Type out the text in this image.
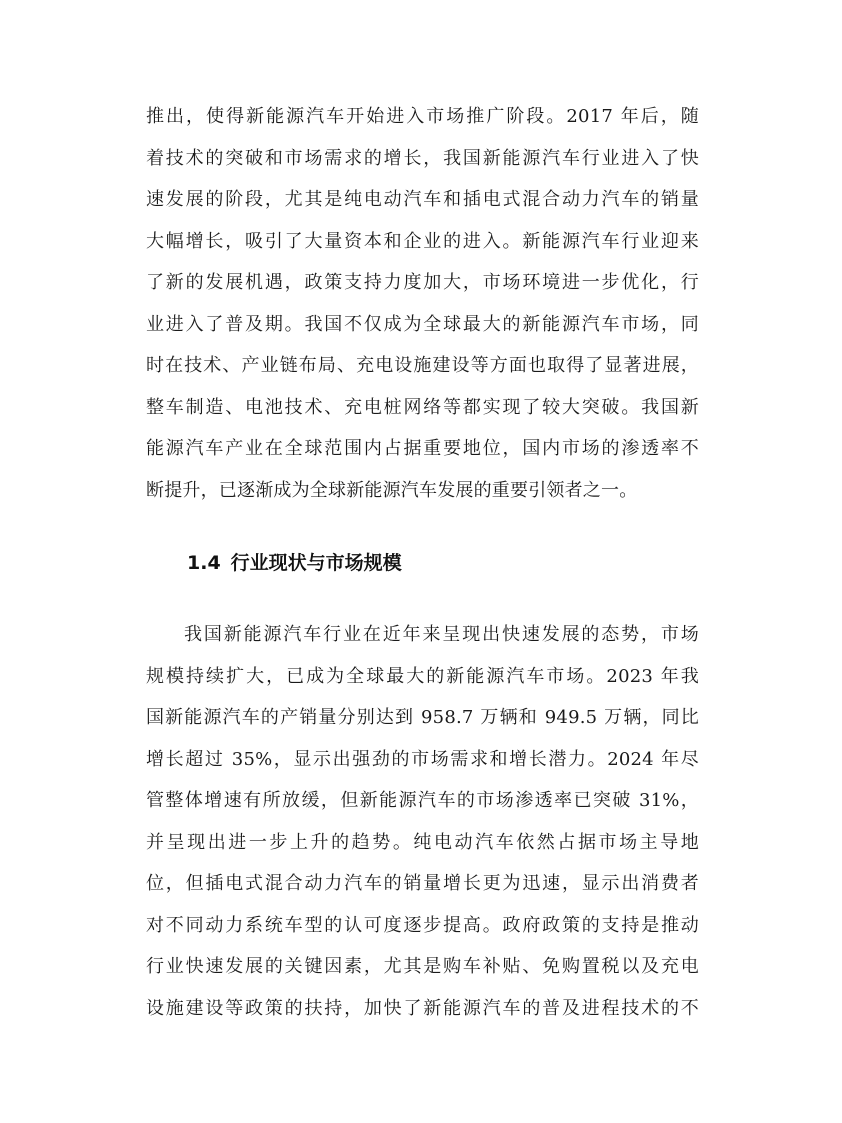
推出，使得新能源汽车开始进入市场推广阶段。2017 年后，随
着技术的突破和市场需求的增长，我国新能源汽车行业进入了快
速发展的阶段，尤其是纯电动汽车和插电式混合动力汽车的销量
大幅增长，吸引了大量资本和企业的进入。新能源汽车行业迎来
了新的发展机遇，政策支持力度加大，市场环境进一步优化，行
业进入了普及期。我国不仅成为全球最大的新能源汽车市场，同
时在技术、产业链布局、充电设施建设等方面也取得了显著进展，
整车制造、电池技术、充电桩网络等都实现了较大突破。我国新
能源汽车产业在全球范围内占据重要地位，国内市场的渗透率不
断提升，已逐渐成为全球新能源汽车发展的重要引领者之一。
1.4 行业现状与市场规模
我国新能源汽车行业在近年来呈现出快速发展的态势，市场
规模持续扩大，已成为全球最大的新能源汽车市场。2023 年我
国新能源汽车的产销量分别达到 958.7 万辆和 949.5 万辆，同比
增长超过 35%，显示出强劲的市场需求和增长潜力。2024 年尽
管整体增速有所放缓，但新能源汽车的市场渗透率已突破 31%，
并呈现出进一步上升的趋势。纯电动汽车依然占据市场主导地
位，但插电式混合动力汽车的销量增长更为迅速，显示出消费者
对不同动力系统车型的认可度逐步提高。政府政策的支持是推动
行业快速发展的关键因素，尤其是购车补贴、免购置税以及充电
设施建设等政策的扶持，加快了新能源汽车的普及进程技术的不
